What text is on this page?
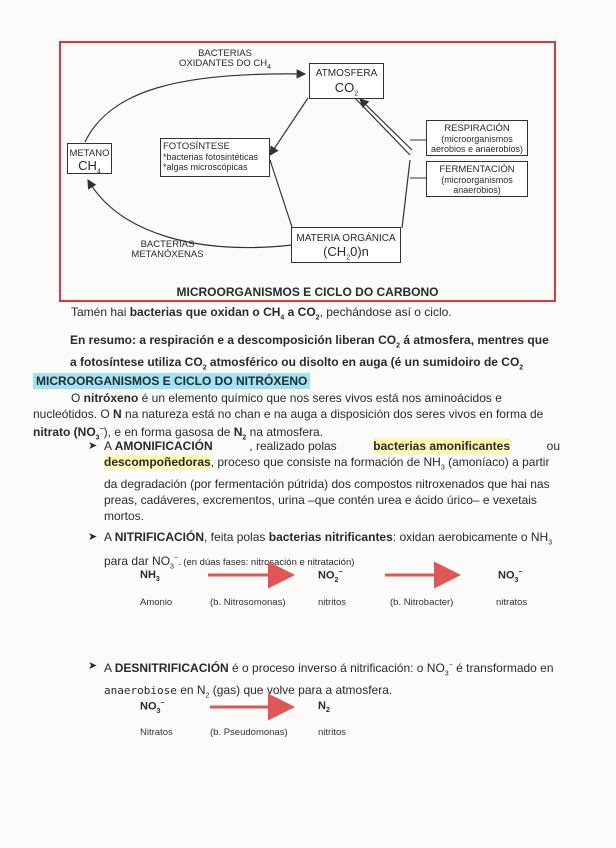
ATMOSFERA
$CO_2$
METANO
$CH_4$
FOTOSÍNTESE
*bacterias fotosintéticas
*algas microscópicas
RESPIRACIÓN
(microorganismos
aerobios e anaerobios)
FERMENTACIÓN
(microorganismos
anaerobios)
MATERIA ORGÁNICA
$(CH_20)n$
BACTERIAS
OXIDANTES DO $CH_4$
BACTERIAS
METANÓXENAS
MICROORGANISMOS E CICLO DO CARBONO
Tamén hai bacterias que oxidan o $CH_4$ a $CO_2$, pechándose así o ciclo.
En resumo: a respiración e a descomposición liberan $CO_2$ á atmosfera, mentres que
a fotosíntese utiliza $CO_2$ atmosférico ou disolto en auga (é un sumidoiro de $CO_2$
MICROORGANISMOS E CICLO DO NITRÓXENO
O nitróxeno é un elemento químico que nos seres vivos está nos aminoácidos e
nucleótidos. O N na natureza está no chan e na auga a disposición dos seres vivos en forma de
nitrato $(NO_3^-)$, e en forma gasosa de $N_2$ na atmosfera.
➤ A AMONIFICACIÓN	, realizado polas	bacterias amonificantes	ou
descompoñedoras, proceso que consiste na formación de $NH_3$ (amoníaco) a partir
da degradación (por fermentación pútrida) dos compostos nitroxenados que hai nas
preas, cadáveres, excrementos, urina –que contén urea e ácido úrico– e vexetais
mortos.
➤ A NITRIFICACIÓN, feita polas bacterias nitrificantes: oxidan aerobicamente o $NH_3$
para dar $NO_3^-$. (en dúas fases: nitrosación e nitratación)
$NH_3$	$NO_2^-$	$NO_3^-$
Amonio	(b. Nitrosomonas)	nitritos	(b. Nitrobacter)	nitratos
➤ A DESNITRIFICACIÓN é o proceso inverso á nitrificación: o $NO_3^-$ é transformado en
anaerobiose en $N_2$ (gas) que volve para a atmosfera.
$NO_3^-$	$N_2$
Nitratos	(b. Pseudomonas)	nitritos
